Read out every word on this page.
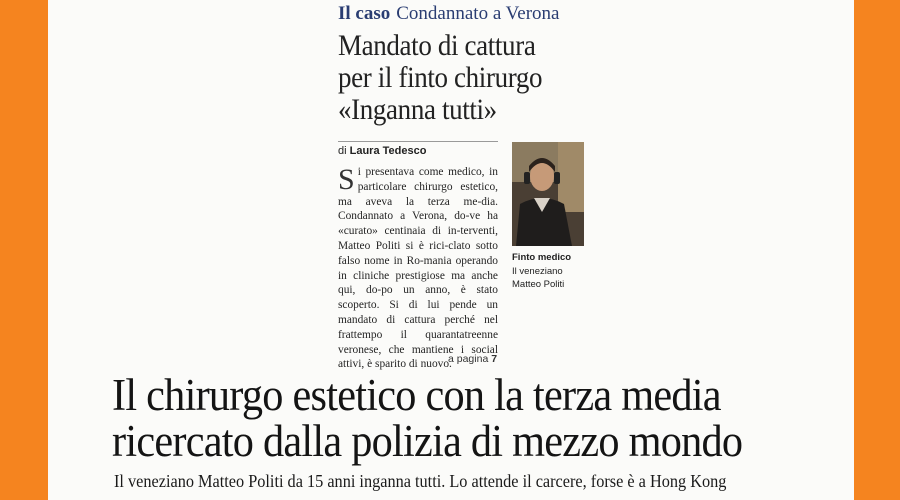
Il caso Condannato a Verona
Mandato di cattura
per il finto chirurgo
«Inganna tutti»
di Laura Tedesco
S i presentava come medico, in particolare chirurgo estetico, ma aveva la terza me-dia. Condannato a Verona, do-ve ha «curato» centinaia di in-terventi, Matteo Politi si è rici-clato sotto falso nome in Ro-mania operando in cliniche prestigiose ma anche qui, do-po un anno, è stato scoperto. Si di lui pende un mandato di cattura perché nel frattempo il quarantatreenne veronese, che mantiene i social attivi, è sparito di nuovo.

a pagina 7
Finto medico
Il veneziano
Matteo Politi
Il chirurgo estetico con la terza media
ricercato dalla polizia di mezzo mondo
Il veneziano Matteo Politi da 15 anni inganna tutti. Lo attende il carcere, forse è a Hong Kong
